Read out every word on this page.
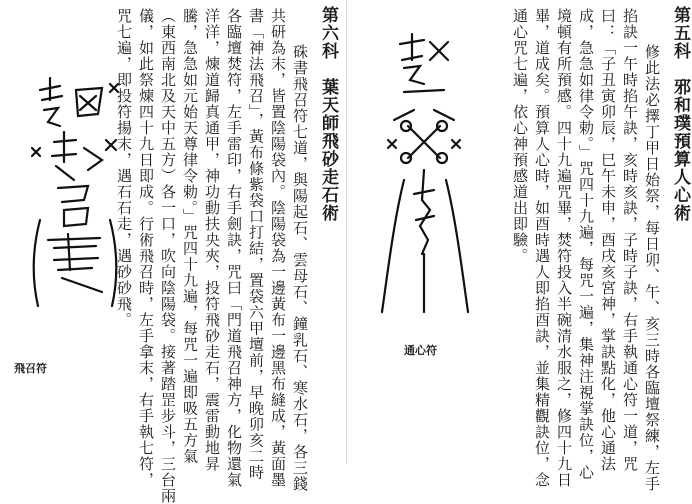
飛召符
第六科　葉天師飛砂走石術
硃書飛召符七道，與陽起石、雲母石、鐘乳石、寒水石，各三錢
共研為末，皆置陰陽袋內。陰陽袋為一邊黃布一邊黑布縫成，黃面墨
書「神法飛召」，黃布條紫袋口打結，置袋六甲壇前，早晚卯亥二時
各臨壇焚符，左手雷印，右手劍訣，咒曰「門道飛召神方，化物還氣
洋洋，煉道歸真通甲，神功動扶央夾，投符飛砂走石，震雷動地昇
騰，急急如元始天尊律令勅。」咒四十九遍，每咒一遍即吸五方氣
（東西南北及天中五方）各一口，吹向陰陽袋。接著踏罡步斗，三台兩
儀，如此祭煉四十九日即成。行術飛召時，左手拿末，右手執七符，
咒七遍，即投符揚末，遇石石走，遇砂砂飛。
通心符
第五科　邪和璞預算人心術
修此法必擇丁甲日始祭，每日卯、午、亥三時各臨壇祭練，左手
掐訣一午時掐午訣，亥時亥訣，子時子訣，右手執通心符一道，咒
曰：「子丑寅卯辰，巳午未申，酉戌亥宮神，掌訣點化，他心通法
成，急急如律令勅。」咒四十九遍，每咒一遍，集神注視掌訣位，心
境頓有所預感。四十九遍咒畢，焚符投入半碗清水服之，修四十九日
畢，道成矣。預算人心時，如酉時遇人即掐酉訣，並集精觀訣位，念
通心咒七遍，依心神預感道出即驗。
